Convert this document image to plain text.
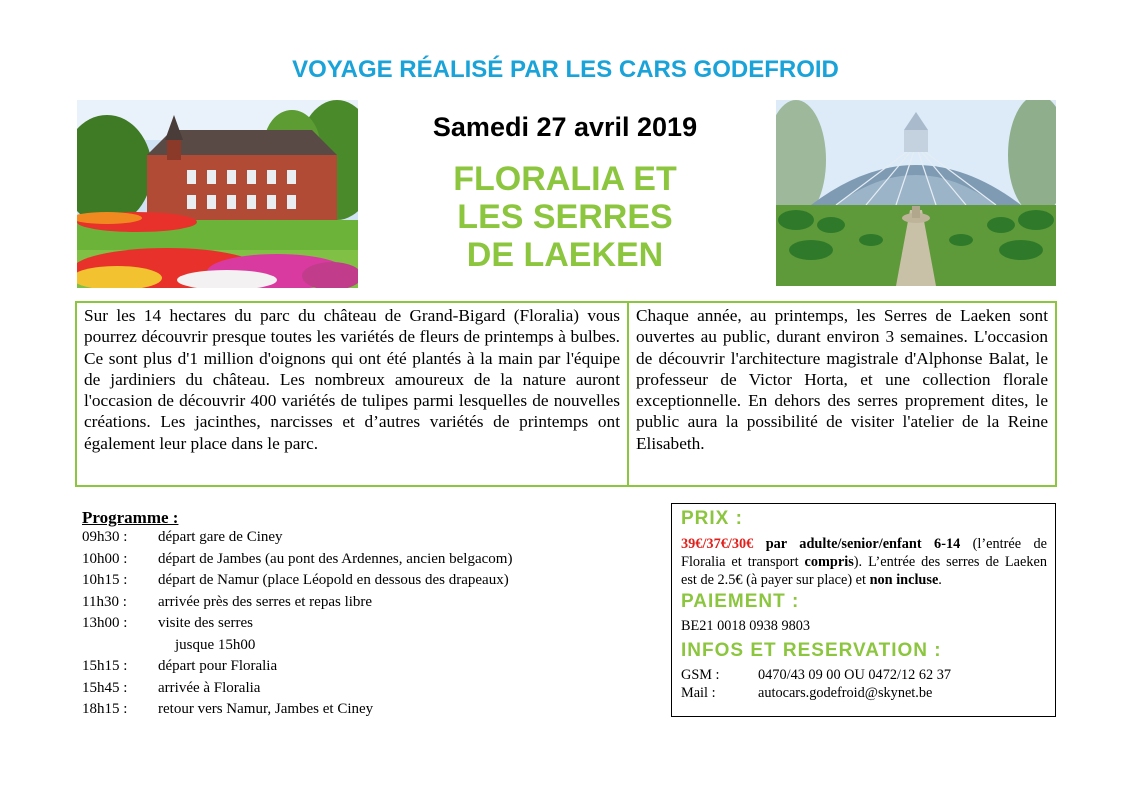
VOYAGE RÉALISÉ PAR LES CARS GODEFROID
Samedi 27 avril 2019
FLORALIA ET
LES SERRES
DE LAEKEN
Sur les 14 hectares du parc du château de Grand-Bigard (Floralia) vous pourrez découvrir presque toutes les variétés de fleurs de printemps à bulbes. Ce sont plus d'1 million d'oignons qui ont été plantés à la main par l'équipe de jardiniers du château. Les nombreux amoureux de la nature auront l'occasion de découvrir 400 variétés de tulipes parmi lesquelles de nouvelles créations. Les jacinthes, narcisses et d’autres variétés de printemps ont également leur place dans le parc.
Chaque année, au printemps, les Serres de Laeken sont ouvertes au public, durant environ 3 semaines. L'occasion de découvrir l'architecture magistrale d'Alphonse Balat, le professeur de Victor Horta, et une collection florale exceptionnelle. En dehors des serres proprement dites, le public aura la possibilité de visiter l'atelier de la Reine Elisabeth.
Programme :
09h30 : départ gare de Ciney
10h00 : départ de Jambes (au pont des Ardennes, ancien belgacom)
10h15 : départ de Namur (place Léopold en dessous des drapeaux)
11h30 : arrivée près des serres et repas libre
13h00 : visite des serres
jusque 15h00
15h15 : départ pour Floralia
15h45 : arrivée à Floralia
18h15 : retour vers Namur, Jambes et Ciney
PRIX :
39€/37€/30€ par adulte/senior/enfant 6-14 (l’entrée de Floralia et transport compris). L’entrée des serres de Laeken est de 2.5€ (à payer sur place) et non incluse.
PAIEMENT :
BE21 0018 0938 9803
INFOS ET RESERVATION :
GSM :	0470/43 09 00 OU 0472/12 62 37
Mail :	autocars.godefroid@skynet.be
